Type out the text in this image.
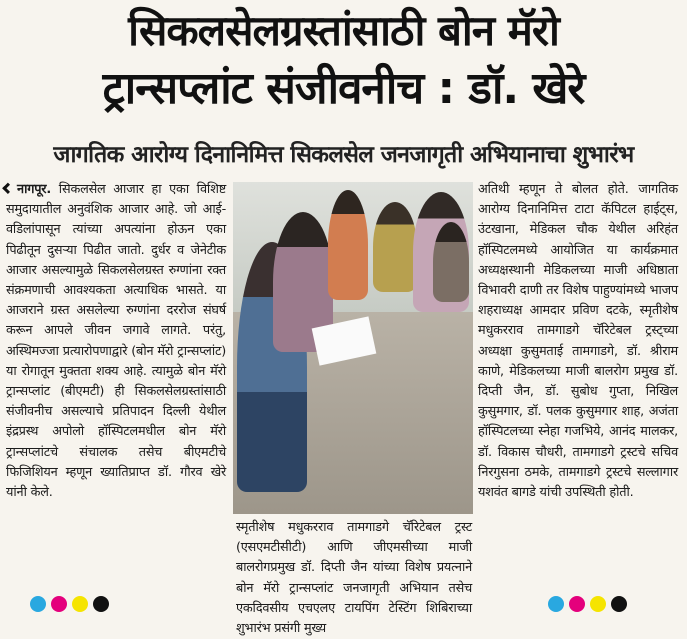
सिकलसेलग्रस्तांसाठी बोन मॅरो
ट्रान्सप्लांट संजीवनीच : डॉ. खेरे
जागतिक आरोग्य दिनानिमित्त सिकलसेल जनजागृती अभियानाचा शुभारंभ
नागपूर. सिकलसेल आजार हा एका विशिष्ट समुदायातील अनुवंशिक आजार आहे. जो आई-वडिलांपासून त्यांच्या अपत्यांना होऊन एका पिढीतून दुसऱ्या पिढीत जातो. दुर्धर व जेनेटीक आजार असल्यामुळे सिकलसेलग्रस्त रुग्णांना रक्त संक्रमणाची आवश्यकता अत्याधिक भासते. या आजराने ग्रस्त असलेल्या रुग्णांना दररोज संघर्ष करून आपले जीवन जगावे लागते. परंतु, अस्थिमज्जा प्रत्यारोपणाद्वारे (बोन मॅरो ट्रान्सप्लांट) या रोगातून मुक्तता शक्य आहे. त्यामुळे बोन मॅरो ट्रान्सप्लांट (बीएमटी) ही सिकलसेलग्रस्तांसाठी संजीवनीच असल्याचे प्रतिपादन दिल्ली येथील इंद्रप्रस्थ अपोलो हॉस्पिटलमधील बोन मॅरो ट्रान्सप्लांटचे संचालक तसेच बीएमटीचे फिजिशियन म्हणून ख्यातिप्राप्त डॉ. गौरव खेरे यांनी केले.
स्मृतीशेष मधुकरराव तामगाडगे चॅरिटेबल ट्रस्ट (एसएमटीसीटी) आणि जीएमसीच्या माजी बालरोगप्रमुख डॉ. दिप्ती जैन यांच्या विशेष प्रयत्नाने बोन मॅरो ट्रान्सप्लांट जनजागृती अभियान तसेच एकदिवसीय एचएलए टायपिंग टेस्टिंग शिबिराच्या शुभारंभ प्रसंगी मुख्य
अतिथी म्हणून ते बोलत होते. जागतिक आरोग्य दिनानिमित्त टाटा कॅपिटल हाईट्स, उंटखाना, मेडिकल चौक येथील अरिहंत हॉस्पिटलमध्ये आयोजित या कार्यक्रमात अध्यक्षस्थानी मेडिकलच्या माजी अधिष्ठाता विभावरी दाणी तर विशेष पाहुण्यांमध्ये भाजप शहराध्यक्ष आमदार प्रविण दटके, स्मृतीशेष मधुकरराव तामगाडगे चॅरिटेबल ट्रस्ट्च्या अध्यक्षा कुसुमताई तामगाडगे, डॉ. श्रीराम काणे, मेडिकलच्या माजी बालरोग प्रमुख डॉ. दिप्ती जैन, डॉ. सुबोध गुप्ता, निखिल कुसुमगार, डॉ. पलक कुसुमगार शाह, अजंता हॉस्पिटलच्या स्नेहा गजभिये, आनंद मालकर, डॉ. विकास चौधरी, तामगाडगे ट्रस्टचे सचिव निरगुसना ठमके, तामगाडगे ट्रस्टचे सल्लागार यशवंत बागडे यांची उपस्थिती होती.
